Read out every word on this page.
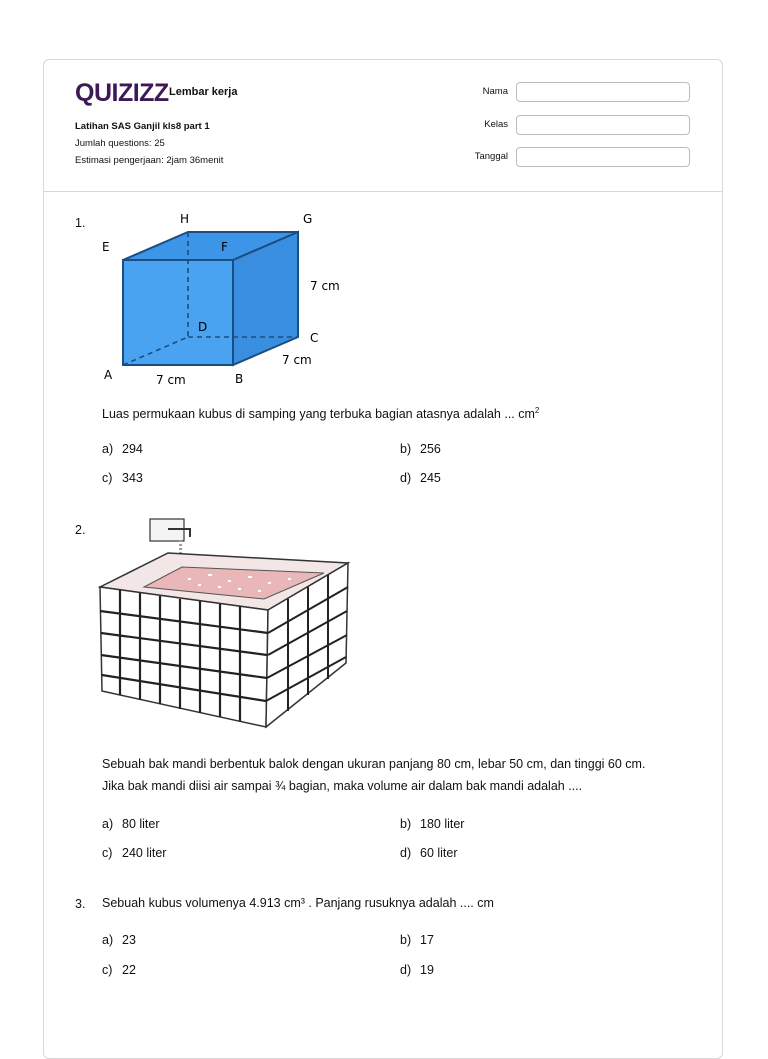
QUIZIZZ Lembar kerja
Latihan SAS Ganjil kls8 part 1
Jumlah questions: 25
Estimasi pengerjaan: 2jam 36menit
Nama
Kelas
Tanggal
1.	H	G
E	F
D
C
A	B
7 cm
7 cm
7 cm
Luas permukaan kubus di samping yang terbuka bagian atasnya adalah ... $cm^2$
a) 294	b) 256
c) 343	d) 245
2.
Sebuah bak mandi berbentuk balok dengan ukuran panjang 80 cm, lebar 50 cm, dan tinggi 60 cm.
Jika bak mandi diisi air sampai ¾ bagian, maka volume air dalam bak mandi adalah ....
a) 80 liter	b) 180 liter
c) 240 liter	d) 60 liter
3. Sebuah kubus volumenya 4.913 cm³ . Panjang rusuknya adalah .... cm
a) 23	b) 17
c) 22	d) 19
